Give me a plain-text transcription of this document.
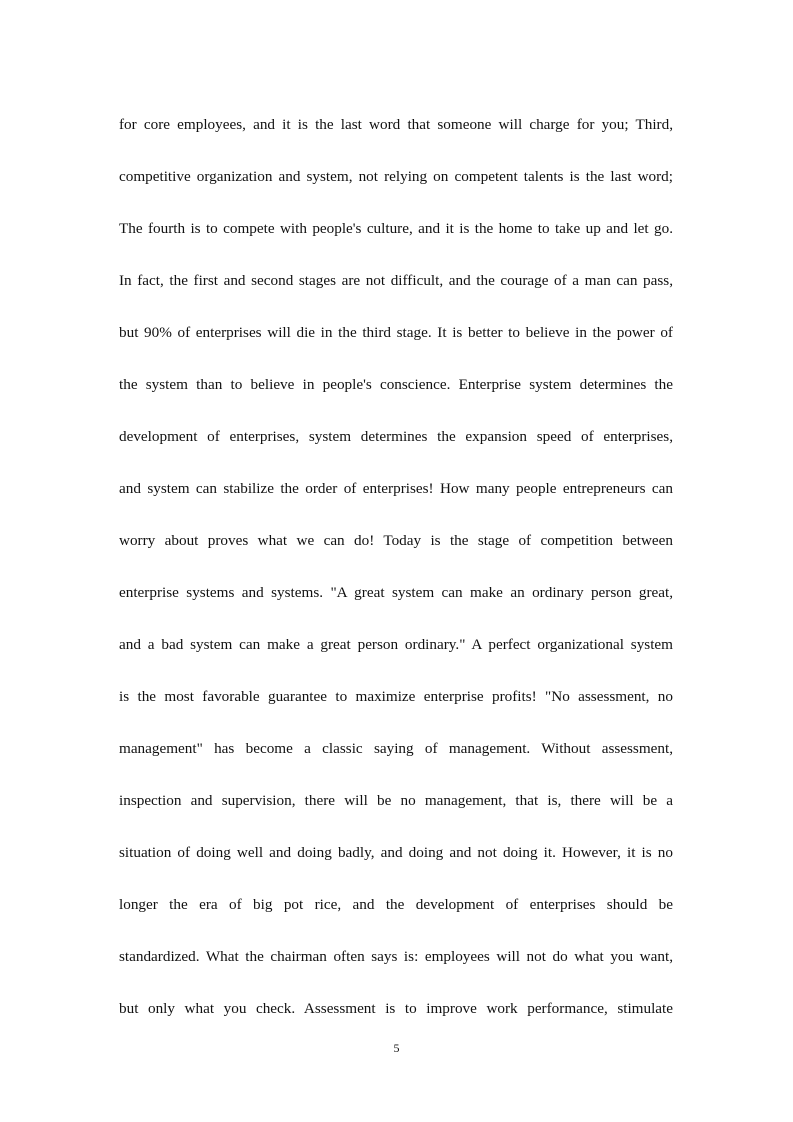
for core employees, and it is the last word that someone will charge for you; Third,
competitive organization and system, not relying on competent talents is the last word;
The fourth is to compete with people's culture, and it is the home to take up and let go.
In fact, the first and second stages are not difficult, and the courage of a man can pass,
but 90% of enterprises will die in the third stage. It is better to believe in the power of
the system than to believe in people's conscience. Enterprise system determines the
development of enterprises, system determines the expansion speed of enterprises,
and system can stabilize the order of enterprises! How many people entrepreneurs can
worry about proves what we can do! Today is the stage of competition between
enterprise systems and systems. "A great system can make an ordinary person great,
and a bad system can make a great person ordinary." A perfect organizational system
is the most favorable guarantee to maximize enterprise profits! "No assessment, no
management" has become a classic saying of management. Without assessment,
inspection and supervision, there will be no management, that is, there will be a
situation of doing well and doing badly, and doing and not doing it. However, it is no
longer the era of big pot rice, and the development of enterprises should be
standardized. What the chairman often says is: employees will not do what you want,
but only what you check. Assessment is to improve work performance, stimulate
5
